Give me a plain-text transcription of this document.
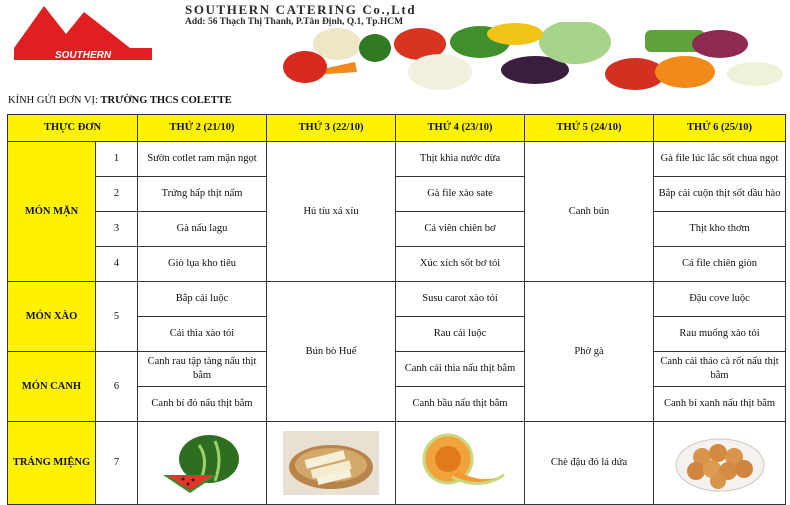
SOUTHERN
SOUTHERN CATERING Co.,Ltd
Add: 56 Thạch Thị Thanh, P.Tân Định, Q.1, Tp.HCM
KÍNH GỬI ĐƠN VỊ: TRƯỜNG THCS COLETTE
THỰC ĐƠN		THỨ 2 (21/10)	THỨ 3 (22/10)	THỨ 4 (23/10)	THỨ 5 (24/10)	THỨ 6 (25/10)
MÓN MẶN	1	Sườn cotlet ram mặn ngọt	Hủ tíu xá xíu	Thịt khìa nước dừa	Canh bún	Gà file lúc lắc sốt chua ngọt
	2	Trứng hấp thịt nấm		Gà file xào sate		Bắp cải cuộn thịt sốt dầu hào
	3	Gà nấu lagu		Cá viên chiên bơ		Thịt kho thơm
	4	Giò lụa kho tiêu		Xúc xích sốt bơ tỏi		Cá file chiên giòn
MÓN XÀO	5	Bắp cải luộc	Bún bò Huế	Susu carot xào tỏi	Phở gà	Đậu cove luộc
		Cải thìa xào tỏi		Rau cải luộc		Rau muống xào tỏi
MÓN CANH	6	Canh rau tập tàng nấu thịt bằm		Canh cải thìa nấu thịt bằm		Canh cải thảo cà rốt nấu thịt bằm
		Canh bí đỏ nấu thịt bằm		Canh bầu nấu thịt bằm		Canh bí xanh nấu thịt bằm
TRÁNG MIỆNG	7				Chè đậu đỏ lá dứa	
